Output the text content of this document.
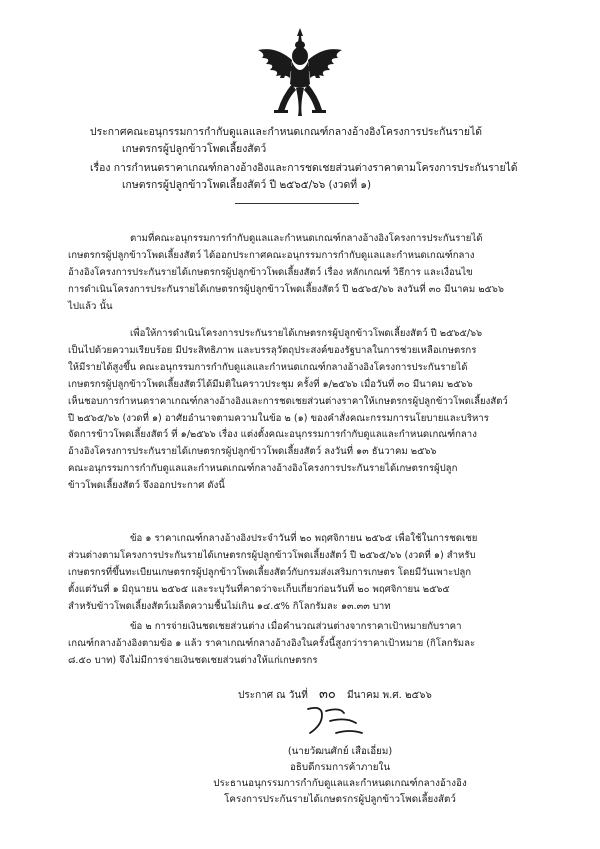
ประกาศคณะอนุกรรมการกำกับดูแลและกำหนดเกณฑ์กลางอ้างอิงโครงการประกันรายได้
เกษตรกรผู้ปลูกข้าวโพดเลี้ยงสัตว์
เรื่อง การกำหนดราคาเกณฑ์กลางอ้างอิงและการชดเชยส่วนต่างราคาตามโครงการประกันรายได้
เกษตรกรผู้ปลูกข้าวโพดเลี้ยงสัตว์ ปี ๒๕๖๕/๖๖ (งวดที่ ๑)
ตามที่คณะอนุกรรมการกำกับดูแลและกำหนดเกณฑ์กลางอ้างอิงโครงการประกันรายได้
เกษตรกรผู้ปลูกข้าวโพดเลี้ยงสัตว์ ได้ออกประกาศคณะอนุกรรมการกำกับดูแลและกำหนดเกณฑ์กลาง
อ้างอิงโครงการประกันรายได้เกษตรกรผู้ปลูกข้าวโพดเลี้ยงสัตว์ เรื่อง หลักเกณฑ์ วิธีการ และเงื่อนไข
การดำเนินโครงการประกันรายได้เกษตรกรผู้ปลูกข้าวโพดเลี้ยงสัตว์ ปี ๒๕๖๕/๖๖ ลงวันที่ ๓๐ มีนาคม ๒๕๖๖
ไปแล้ว นั้น
เพื่อให้การดำเนินโครงการประกันรายได้เกษตรกรผู้ปลูกข้าวโพดเลี้ยงสัตว์ ปี ๒๕๖๕/๖๖
เป็นไปด้วยความเรียบร้อย มีประสิทธิภาพ และบรรลุวัตถุประสงค์ของรัฐบาลในการช่วยเหลือเกษตรกร
ให้มีรายได้สูงขึ้น คณะอนุกรรมการกำกับดูแลและกำหนดเกณฑ์กลางอ้างอิงโครงการประกันรายได้
เกษตรกรผู้ปลูกข้าวโพดเลี้ยงสัตว์ได้มีมติในคราวประชุม ครั้งที่ ๑/๒๕๖๖ เมื่อวันที่ ๓๐ มีนาคม ๒๕๖๖
เห็นชอบการกำหนดราคาเกณฑ์กลางอ้างอิงและการชดเชยส่วนต่างราคาให้เกษตรกรผู้ปลูกข้าวโพดเลี้ยงสัตว์
ปี ๒๕๖๕/๖๖ (งวดที่ ๑) อาศัยอำนาจตามความในข้อ ๒ (๑) ของคำสั่งคณะกรรมการนโยบายและบริหาร
จัดการข้าวโพดเลี้ยงสัตว์ ที่ ๑/๒๕๖๖ เรื่อง แต่งตั้งคณะอนุกรรมการกำกับดูแลและกำหนดเกณฑ์กลาง
อ้างอิงโครงการประกันรายได้เกษตรกรผู้ปลูกข้าวโพดเลี้ยงสัตว์ ลงวันที่ ๑๓ ธันวาคม ๒๕๖๖
คณะอนุกรรมการกำกับดูแลและกำหนดเกณฑ์กลางอ้างอิงโครงการประกันรายได้เกษตรกรผู้ปลูก
ข้าวโพดเลี้ยงสัตว์ จึงออกประกาศ ดังนี้
ข้อ ๑ ราคาเกณฑ์กลางอ้างอิงประจำวันที่ ๒๐ พฤศจิกายน ๒๕๖๕ เพื่อใช้ในการชดเชย
ส่วนต่างตามโครงการประกันรายได้เกษตรกรผู้ปลูกข้าวโพดเลี้ยงสัตว์ ปี ๒๕๖๕/๖๖ (งวดที่ ๑) สำหรับ
เกษตรกรที่ขึ้นทะเบียนเกษตรกรผู้ปลูกข้าวโพดเลี้ยงสัตว์กับกรมส่งเสริมการเกษตร โดยมีวันเพาะปลูก
ตั้งแต่วันที่ ๑ มิถุนายน ๒๕๖๕ และระบุวันที่คาดว่าจะเก็บเกี่ยวก่อนวันที่ ๒๐ พฤศจิกายน ๒๕๖๕
สำหรับข้าวโพดเลี้ยงสัตว์เมล็ดความชื้นไม่เกิน ๑๔.๕% กิโลกรัมละ ๑๓.๓๓ บาท
ข้อ ๒ การจ่ายเงินชดเชยส่วนต่าง เมื่อคำนวณส่วนต่างจากราคาเป้าหมายกับราคา
เกณฑ์กลางอ้างอิงตามข้อ ๑ แล้ว ราคาเกณฑ์กลางอ้างอิงในครั้งนี้สูงกว่าราคาเป้าหมาย (กิโลกรัมละ
๘.๕๐ บาท) จึงไม่มีการจ่ายเงินชดเชยส่วนต่างให้แก่เกษตรกร
ประกาศ ณ วันที่ ๓๐ มีนาคม พ.ศ. ๒๕๖๖
(นายวัฒนศักย์ เสือเอี่ยม)
อธิบดีกรมการค้าภายใน
ประธานอนุกรรมการกำกับดูแลและกำหนดเกณฑ์กลางอ้างอิง
โครงการประกันรายได้เกษตรกรผู้ปลูกข้าวโพดเลี้ยงสัตว์
